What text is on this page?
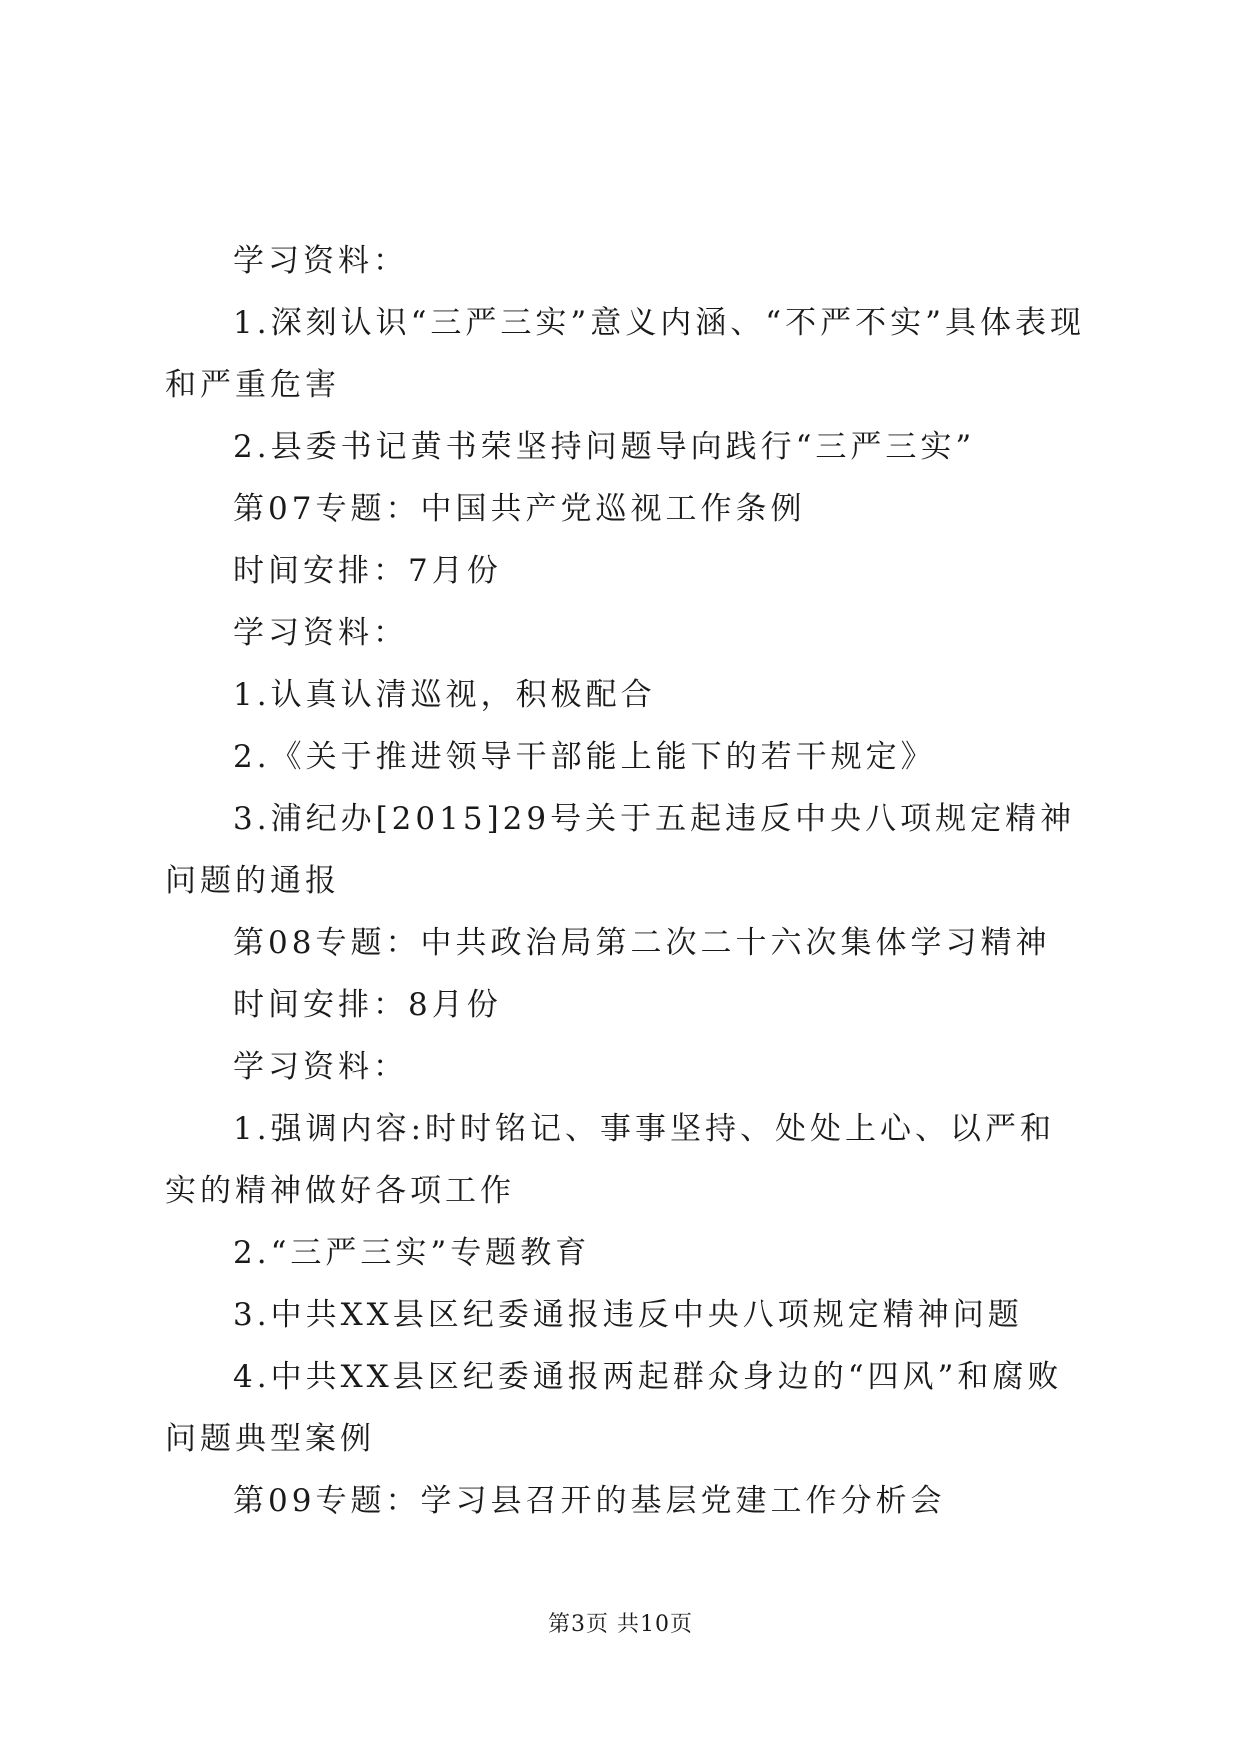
学习资料：

1.深刻认识“三严三实”意义内涵、“不严不实”具体表现和严重危害

2.县委书记黄书荣坚持问题导向践行“三严三实”

第07专题：中国共产党巡视工作条例

时间安排：7月份

学习资料：

1.认真认清巡视，积极配合

2.《关于推进领导干部能上能下的若干规定》

3.浦纪办[2015]29号关于五起违反中央八项规定精神问题的通报

第08专题：中共政治局第二次二十六次集体学习精神

时间安排：8月份

学习资料：

1.强调内容:时时铭记、事事坚持、处处上心、以严和实的精神做好各项工作

2.“三严三实”专题教育

3.中共XX县区纪委通报违反中央八项规定精神问题

4.中共XX县区纪委通报两起群众身边的“四风”和腐败问题典型案例

第09专题：学习县召开的基层党建工作分析会

第3页 共10页
